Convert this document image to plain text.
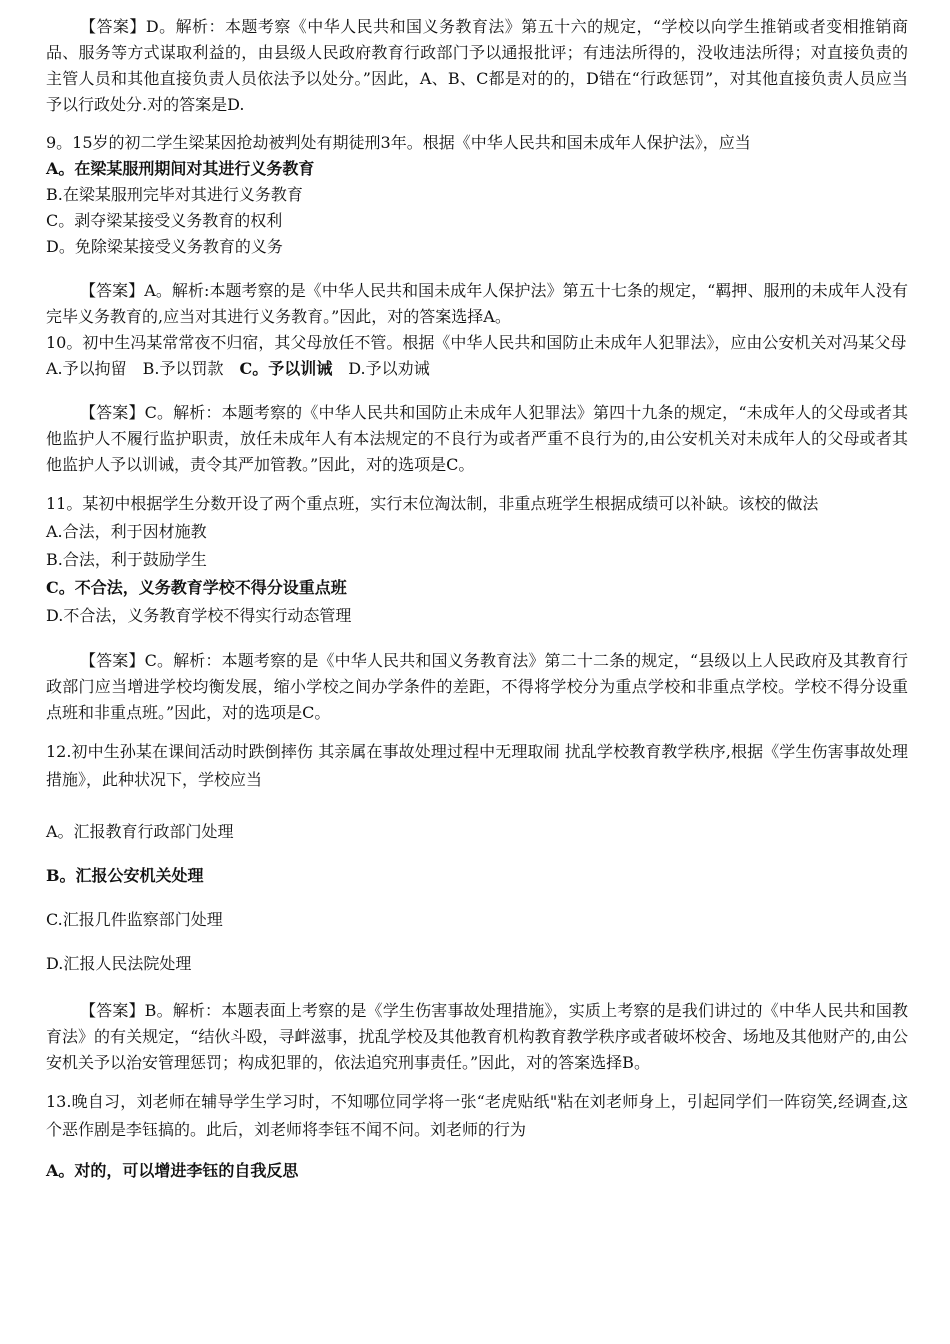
【答案】D。解析：本题考察《中华人民共和国义务教育法》第五十六的规定，“学校以向学生推销或者变相推销商品、服务等方式谋取利益的，由县级人民政府教育行政部门予以通报批评；有违法所得的，没收违法所得；对直接负责的主管人员和其他直接负责人员依法予以处分。”因此，A、B、C都是对的的，D错在“行政惩罚”，对其他直接负责人员应当予以行政处分.对的答案是D.

9。15岁的初二学生梁某因抢劫被判处有期徒刑3年。根据《中华人民共和国未成年人保护法》，应当

A。在梁某服刑期间对其进行义务教育

B.在梁某服刑完毕对其进行义务教育

C。剥夺梁某接受义务教育的权利

D。免除梁某接受义务教育的义务

【答案】A。解析:本题考察的是《中华人民共和国未成年人保护法》第五十七条的规定，“羁押、服刑的未成年人没有完毕义务教育的,应当对其进行义务教育。”因此，对的答案选择A。

10。初中生冯某常常夜不归宿，其父母放任不管。根据《中华人民共和国防止未成年人犯罪法》，应由公安机关对冯某父母

A.予以拘留 B.予以罚款 C。予以训诫 D.予以劝诫

【答案】C。解析：本题考察的《中华人民共和国防止未成年人犯罪法》第四十九条的规定，“未成年人的父母或者其他监护人不履行监护职责，放任未成年人有本法规定的不良行为或者严重不良行为的,由公安机关对未成年人的父母或者其他监护人予以训诫，责令其严加管教。”因此，对的选项是C。

11。某初中根据学生分数开设了两个重点班，实行末位淘汰制，非重点班学生根据成绩可以补缺。该校的做法

A.合法，利于因材施教

B.合法，利于鼓励学生

C。不合法，义务教育学校不得分设重点班

D.不合法，义务教育学校不得实行动态管理

【答案】C。解析：本题考察的是《中华人民共和国义务教育法》第二十二条的规定，“县级以上人民政府及其教育行政部门应当增进学校均衡发展，缩小学校之间办学条件的差距，不得将学校分为重点学校和非重点学校。学校不得分设重点班和非重点班。”因此，对的选项是C。

12.初中生孙某在课间活动时跌倒摔伤 其亲属在事故处理过程中无理取闹 扰乱学校教育教学秩序,根据《学生伤害事故处理措施》，此种状况下，学校应当

A。汇报教育行政部门处理

B。汇报公安机关处理

C.汇报几件监察部门处理

D.汇报人民法院处理

【答案】B。解析：本题表面上考察的是《学生伤害事故处理措施》，实质上考察的是我们讲过的《中华人民共和国教育法》的有关规定，“结伙斗殴，寻衅滋事，扰乱学校及其他教育机构教育教学秩序或者破坏校舍、场地及其他财产的,由公安机关予以治安管理惩罚；构成犯罪的，依法追究刑事责任。”因此，对的答案选择B。

13.晚自习，刘老师在辅导学生学习时，不知哪位同学将一张“老虎贴纸"粘在刘老师身上，引起同学们一阵窃笑,经调查,这个恶作剧是李钰搞的。此后，刘老师将李钰不闻不问。刘老师的行为

A。对的，可以增进李钰的自我反思
